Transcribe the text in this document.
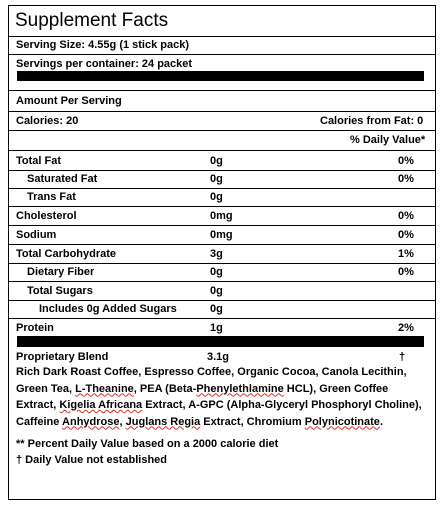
Supplement Facts
Serving Size: 4.55g (1 stick pack)
Servings per container: 24 packet
Amount Per Serving
Calories: 20	Calories from Fat: 0
% Daily Value*
Total Fat	0g	0%
Saturated Fat	0g	0%
Trans Fat	0g
Cholesterol	0mg	0%
Sodium	0mg	0%
Total Carbohydrate	3g	1%
Dietary Fiber	0g	0%
Total Sugars	0g
Includes 0g Added Sugars	0g
Protein	1g	2%
Proprietary Blend	3.1g	†
Rich Dark Roast Coffee, Espresso Coffee, Organic Cocoa, Canola Lecithin, Green Tea, L-Theanine, PEA (Beta-Phenylethlamine HCL), Green Coffee Extract, Kigelia Africana Extract, A-GPC (Alpha-Glyceryl Phosphoryl Choline), Caffeine Anhydrose, Juglans Regia Extract, Chromium Polynicotinate.
** Percent Daily Value based on a 2000 calorie diet
† Daily Value not established
